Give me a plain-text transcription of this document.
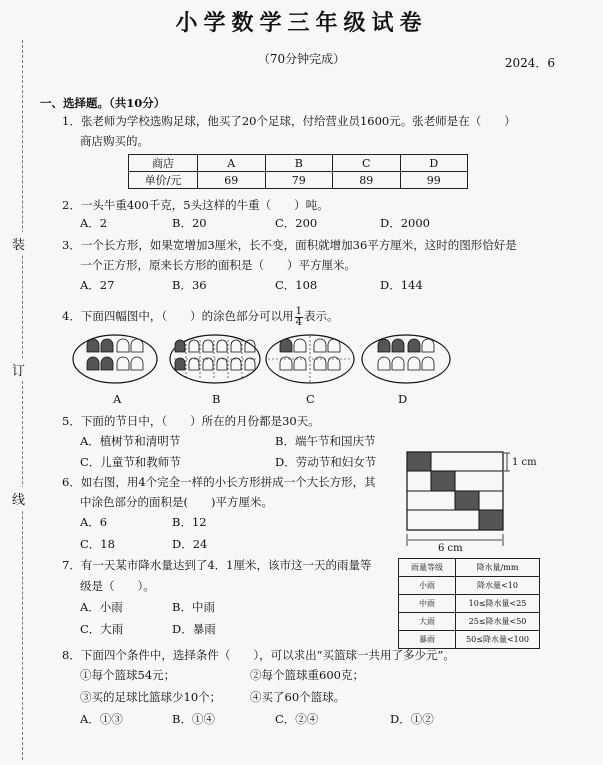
装
订
线
小学数学三年级试卷
（70分钟完成）	2024．6
一、选择题。（共10分）
1．张老师为学校选购足球，他买了20个足球，付给营业员1600元。张老师是在（　　）
商店购买的。
商店	A	B	C	D
单价/元	69	79	89	99
2．一头牛重400千克，5头这样的牛重（　　）吨。
A．2	B．20	C．200	D．2000
3．一个长方形，如果宽增加3厘米，长不变，面积就增加36平方厘米，这时的图形恰好是
一个正方形，原来长方形的面积是（　　）平方厘米。
A．27	B．36	C．108	D．144
4．下面四幅图中，（　　）的涂色部分可以用 $\frac{1}{4}$ 表示。
A	B	C	D
5．下面的节日中，（　　）所在的月份都是30天。
A．植树节和清明节	B．端午节和国庆节
C．儿童节和教师节	D．劳动节和妇女节
6．如右图，用4个完全一样的小长方形拼成一个大长方形，其
中涂色部分的面积是(　　)平方厘米。
A．6	B．12
C．18	D．24	6 cm
1 cm
7．有一天某市降水量达到了4．1厘米，该市这一天的雨量等
级是（　　）。
A．小雨	B．中雨
C．大雨	D．暴雨
雨量等级	降水量/mm
小雨	降水量<10
中雨	10≤降水量<25
大雨	25≤降水量<50
暴雨	50≤降水量<100
8．下面四个条件中，选择条件（　　），可以求出“买篮球一共用了多少元”。
①每个篮球54元；	②每个篮球重600克；
③买的足球比篮球少10个；	④买了60个篮球。
A．①③	B．①④	C．②④	D．①②
